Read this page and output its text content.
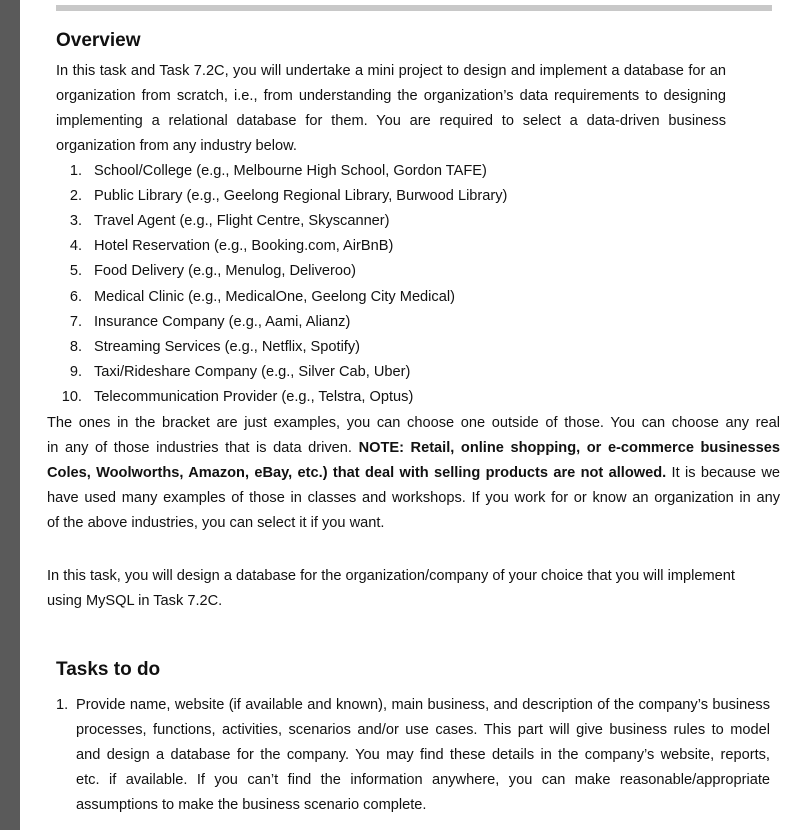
Overview
In this task and Task 7.2C, you will undertake a mini project to design and implement a database for an
organization from scratch, i.e., from understanding the organization’s data requirements to designing
implementing a relational database for them. You are required to select a data-driven business
organization from any industry below.
1. School/College (e.g., Melbourne High School, Gordon TAFE)
2. Public Library (e.g., Geelong Regional Library, Burwood Library)
3. Travel Agent (e.g., Flight Centre, Skyscanner)
4. Hotel Reservation (e.g., Booking.com, AirBnB)
5. Food Delivery (e.g., Menulog, Deliveroo)
6. Medical Clinic (e.g., MedicalOne, Geelong City Medical)
7. Insurance Company (e.g., Aami, Alianz)
8. Streaming Services (e.g., Netflix, Spotify)
9. Taxi/Rideshare Company (e.g., Silver Cab, Uber)
10. Telecommunication Provider (e.g., Telstra, Optus)
The ones in the bracket are just examples, you can choose one outside of those. You can choose any real
in any of those industries that is data driven. NOTE: Retail, online shopping, or e-commerce businesses
Coles, Woolworths, Amazon, eBay, etc.) that deal with selling products are not allowed. It is because we
have used many examples of those in classes and workshops. If you work for or know an organization in any
of the above industries, you can select it if you want.
In this task, you will design a database for the organization/company of your choice that you will implement
using MySQL in Task 7.2C.
Tasks to do
1. Provide name, website (if available and known), main business, and description of the company’s business
processes, functions, activities, scenarios and/or use cases. This part will give business rules to model
and design a database for the company. You may find these details in the company’s website, reports,
etc. if available. If you can’t find the information anywhere, you can make reasonable/appropriate
assumptions to make the business scenario complete.
